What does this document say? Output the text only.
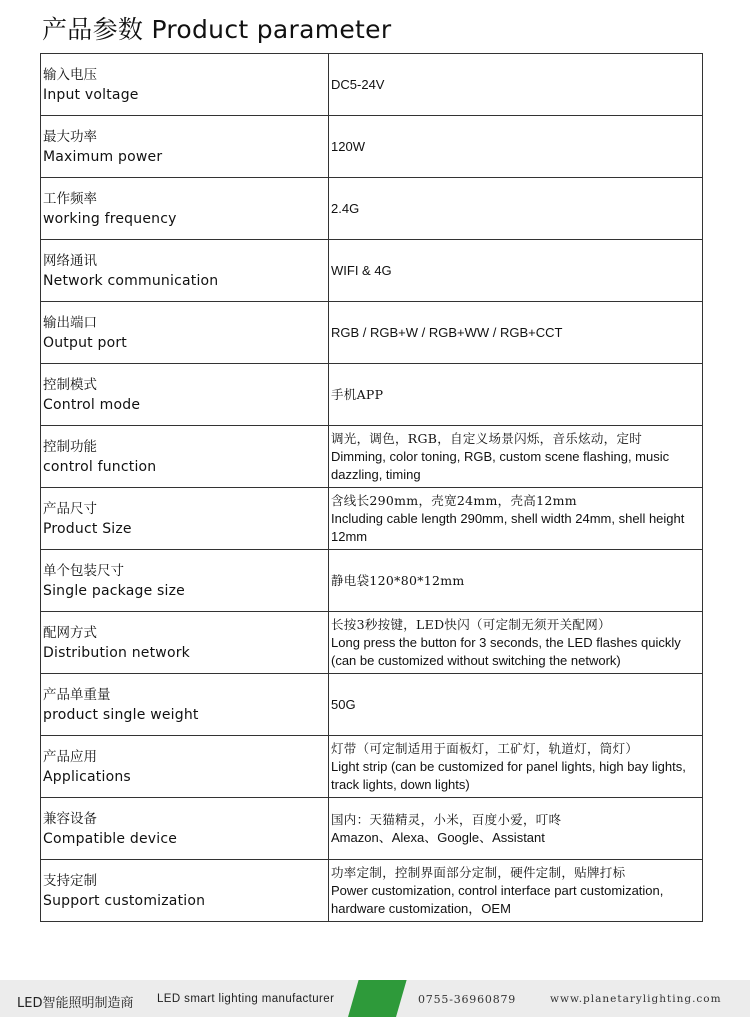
产品参数 Product parameter
输入电压
Input voltage	DC5-24V

最大功率
Maximum power	120W

工作频率
working frequency	2.4G

网络通讯
Network communication	WIFI & 4G

输出端口
Output port	RGB / RGB+W / RGB+WW / RGB+CCT

控制模式
Control mode	手机APP

控制功能
control function	调光，调色，RGB，自定义场景闪烁，音乐炫动，定时
Dimming, color toning, RGB, custom scene flashing, music dazzling, timing

产品尺寸
Product Size	含线长290mm，壳宽24mm，壳高12mm
Including cable length 290mm, shell width 24mm, shell height 12mm

单个包装尺寸
Single package size	静电袋120*80*12mm

配网方式
Distribution network	长按3秒按键，LED快闪（可定制无须开关配网）
Long press the button for 3 seconds, the LED flashes quickly (can be customized without switching the network)

产品单重量
product single weight	50G

产品应用
Applications	灯带（可定制适用于面板灯，工矿灯，轨道灯，筒灯）
Light strip (can be customized for panel lights, high bay lights, track lights, down lights)

兼容设备
Compatible device	国内：天猫精灵，小米，百度小爱，叮咚
Amazon、Alexa、Google、Assistant

支持定制
Support customization	功率定制，控制界面部分定制，硬件定制，贴牌打标
Power customization, control interface part customization, hardware customization，OEM
LED智能照明制造商 LED smart lighting manufacturer	0755-36960879	www.planetarylighting.com
